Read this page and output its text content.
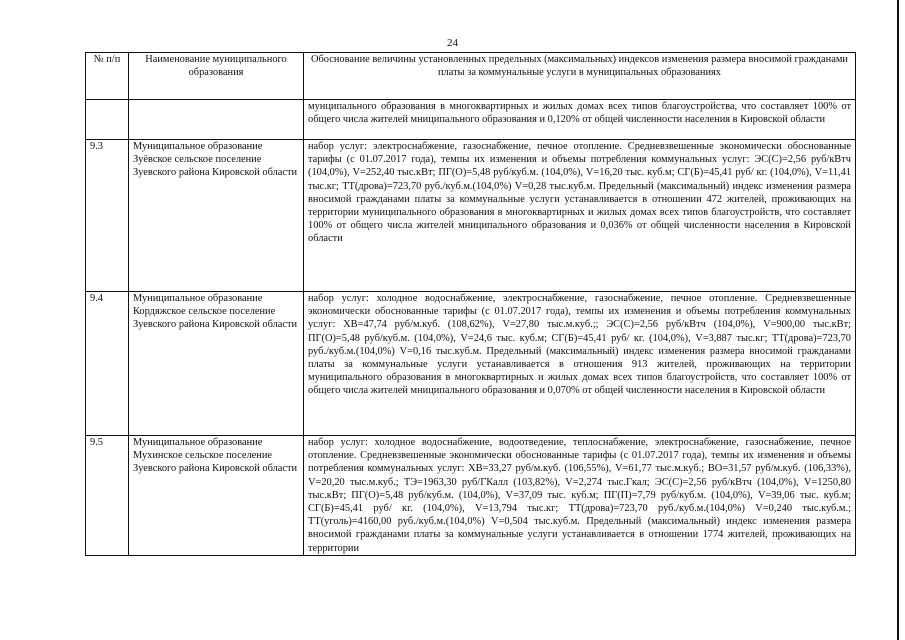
24
№ п/п	Наименование муниципального образования	Обоснование величины установленных предельных (максимальных) индексов изменения размера вносимой гражданами платы за коммунальные услуги в муниципальных образованиях
		мунципального образования в многоквартирных и жилых домах всех типов благоустройства, что составляет 100% от общего числа жителей мниципального образования и 0,120% от общей численности населения в Кировской области
9.3	Муниципальное образование Зуёвское сельское поселение Зуевского района Кировской области	набор услуг: электроснабжение, газоснабжение, печное отопление. Средневзвешенные экономически обоснованные тарифы (с 01.07.2017 года), темпы их изменения и объемы потребления коммунальных услуг: ЭС(С)=2,56 руб/кВтч (104,0%), V=252,40 тыс.кВт; ПГ(О)=5,48 руб/куб.м. (104,0%), V=16,20 тыс. куб.м; СГ(Б)=45,41 руб/ кг. (104,0%), V=11,41 тыс.кг; ТТ(дрова)=723,70 руб./куб.м.(104,0%) V=0,28 тыс.куб.м. Предельный (максимальный) индекс изменения размера вносимой гражданами платы за коммунальные услуги устанавливается в отношении 472 жителей, проживающих на территории муниципального образования в многоквартирных и жилых домах всех типов благоустройств, что составляет 100% от общего числа жителей мниципального образования и 0,036% от общей численности населения в Кировской области
9.4	Муниципальное образование Кордяжское сельское поселение Зуевского района Кировской области	набор услуг: холодное водоснабжение, электроснабжение, газоснабжение, печное отопление. Средневзвешенные экономически обоснованные тарифы (с 01.07.2017 года), темпы их изменения и объемы потребления коммунальных услуг: ХВ=47,74 руб/м.куб. (108,62%), V=27,80 тыс.м.куб.;; ЭС(С)=2,56 руб/кВтч (104,0%), V=900,00 тыс.кВт; ПГ(О)=5,48 руб/куб.м. (104,0%), V=24,6 тыс. куб.м; СГ(Б)=45,41 руб/ кг. (104,0%), V=3,887 тыс.кг; ТТ(дрова)=723,70 руб./куб.м.(104,0%) V=0,16 тыс.куб.м. Предельный (максимальный) индекс изменения размера вносимой гражданами платы за коммунальные услуги устанавливается в отношения 913 жителей, проживающих на территории муниципального образования в многоквартирных и жилых домах всех типов благоустройств, что составляет 100% от общего числа жителей мниципального образования и 0,070% от общей численности населения в Кировской области
9.5	Муниципальное образование Мухинское сельское поселение Зуевского района Кировской области	набор услуг: холодное водоснабжение, водоотведение, теплоснабжение, электроснабжение, газоснабжение, печное отопление. Средневзвешенные экономически обоснованные тарифы (с 01.07.2017 года), темпы их изменения и объемы потребления коммунальных услуг: ХВ=33,27 руб/м.куб. (106,55%), V=61,77 тыс.м.куб.; ВО=31,57 руб/м.куб. (106,33%), V=20,20 тыс.м.куб.; ТЭ=1963,30 руб/ГКалл (103,82%), V=2,274 тыс.Гкал; ЭС(С)=2,56 руб/кВтч (104,0%), V=1250,80 тыс.кВт; ПГ(О)=5,48 руб/куб.м. (104,0%), V=37,09 тыс. куб.м; ПГ(П)=7,79 руб/куб.м. (104,0%), V=39,06 тыс. куб.м; СГ(Б)=45,41 руб/ кг. (104,0%), V=13,794 тыс.кг; ТТ(дрова)=723,70 руб./куб.м.(104,0%) V=0,240 тыс.куб.м.; ТТ(уголь)=4160,00 руб./куб.м.(104,0%) V=0,504 тыс.куб.м. Предельный (максимальный) индекс изменения размера вносимой гражданами платы за коммунальные услуги устанавливается в отношении 1774 жителей, проживающих на территории
